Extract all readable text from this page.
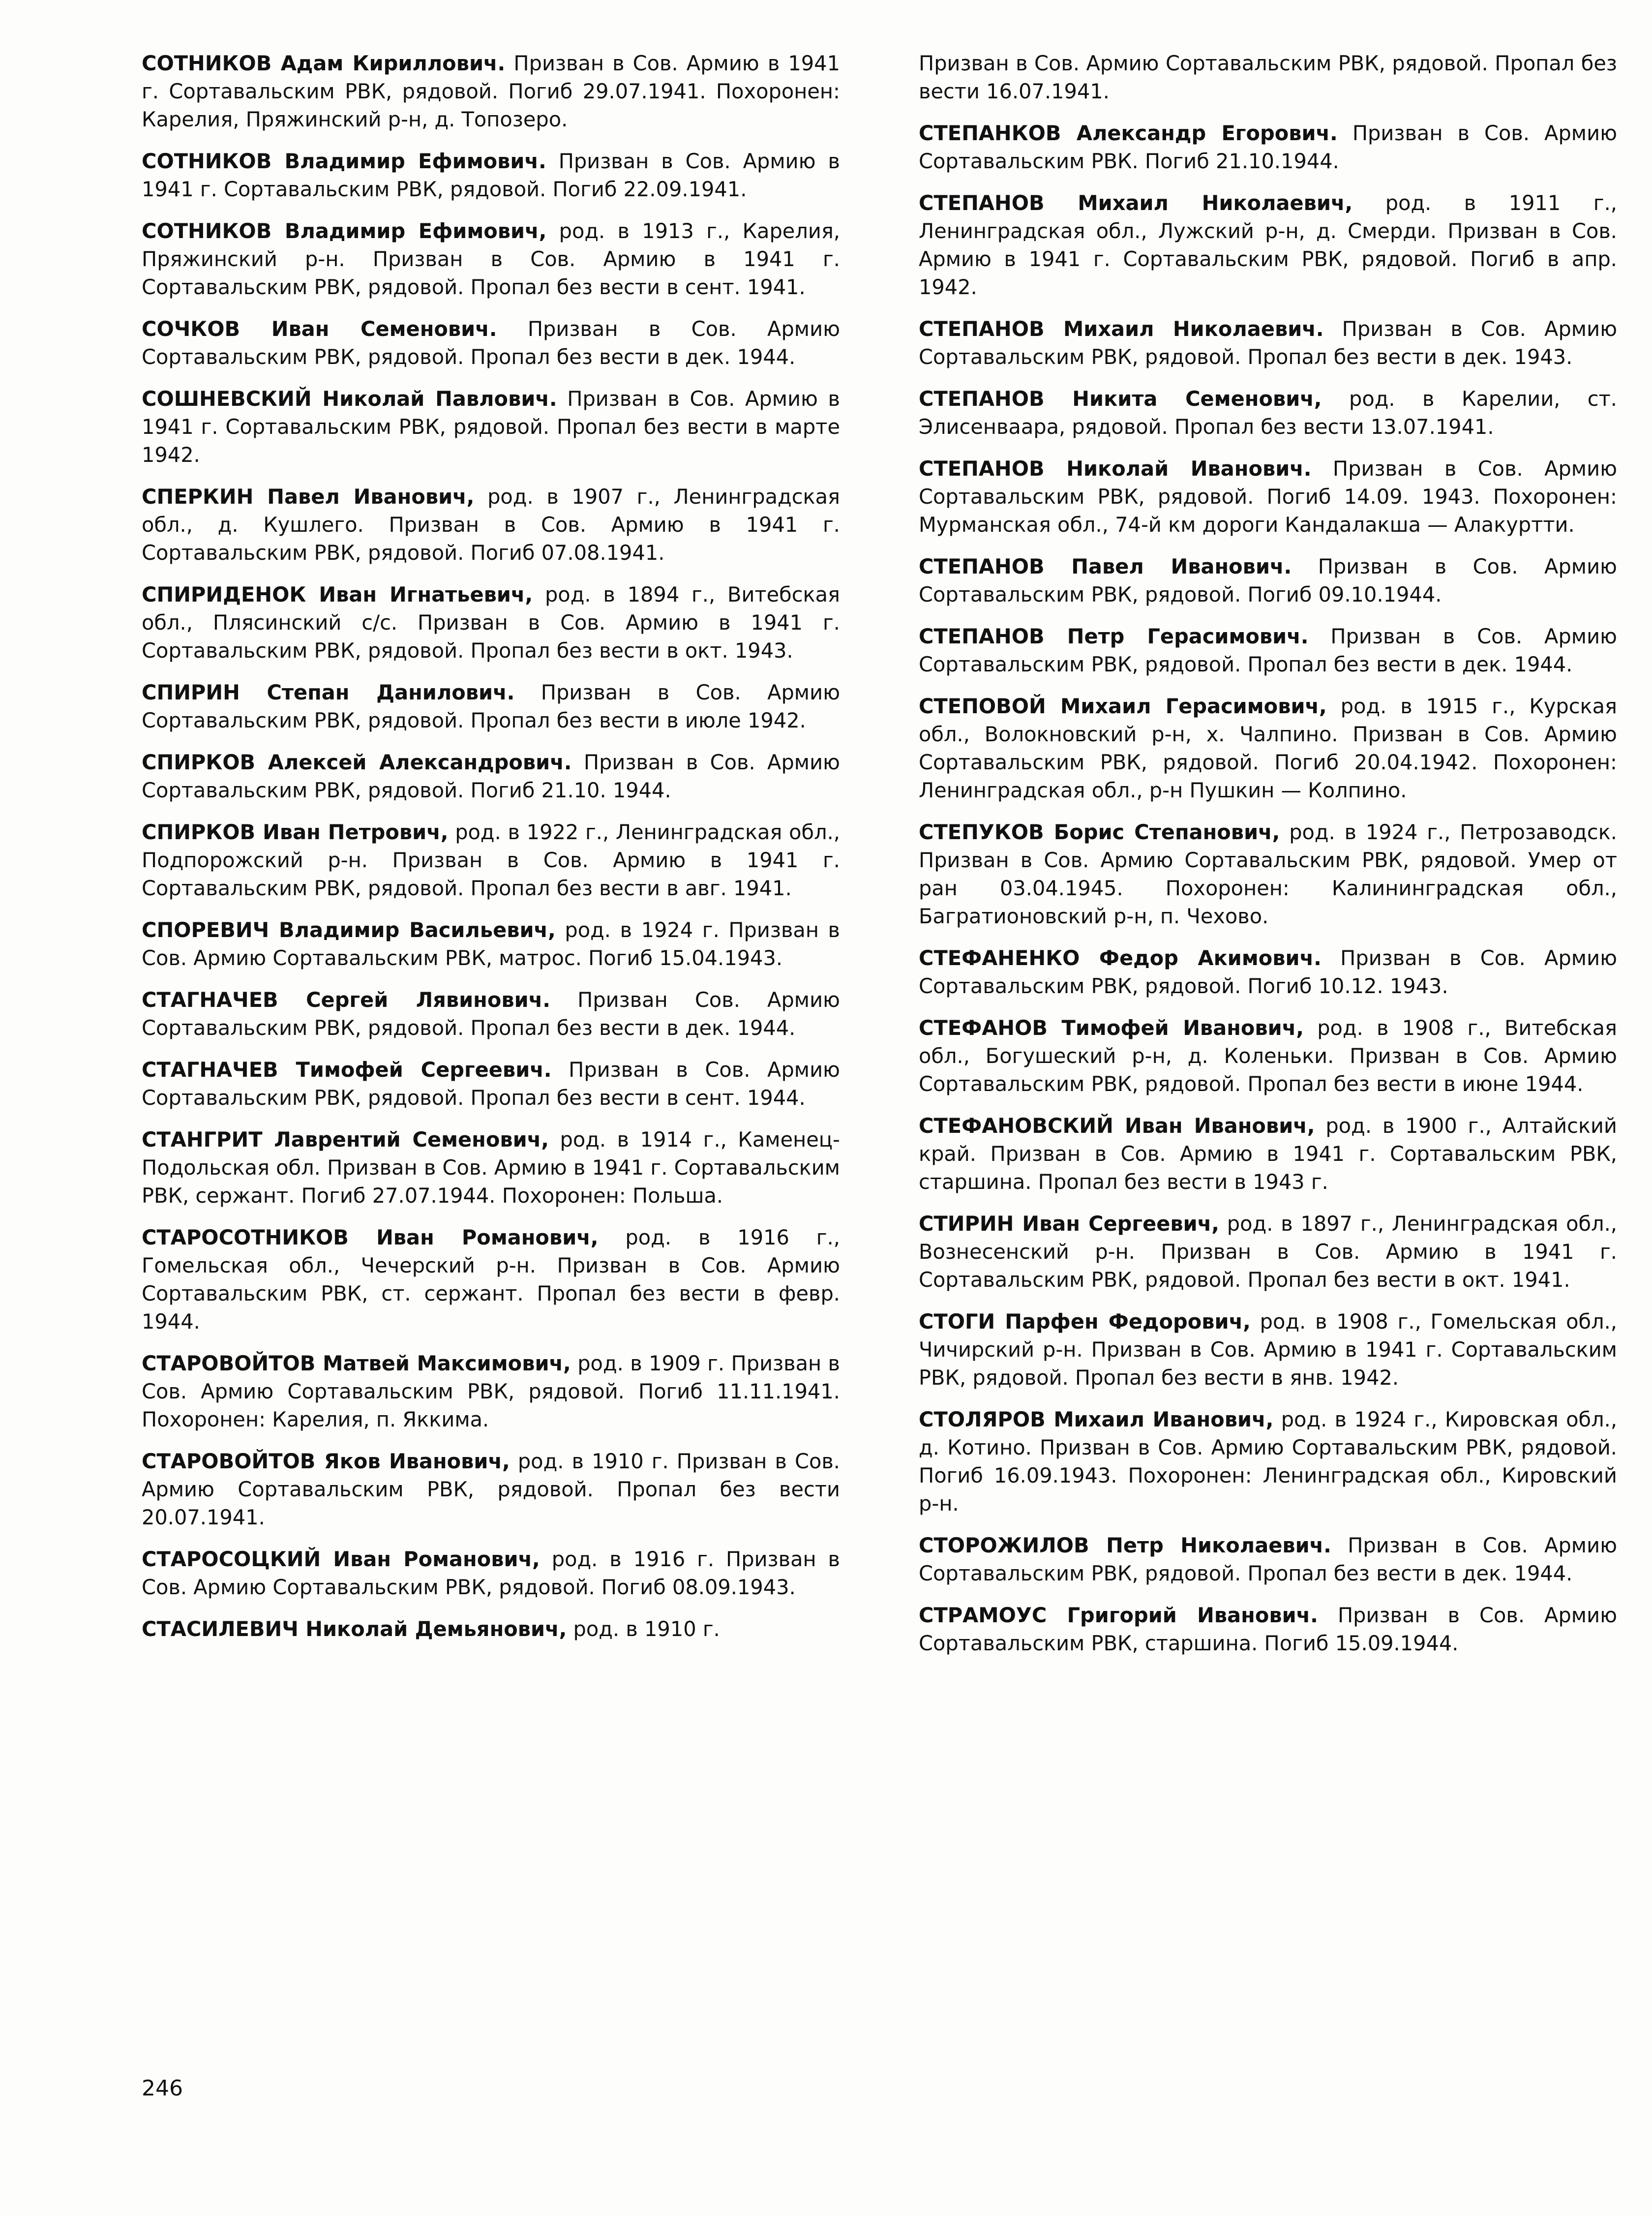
СОТНИКОВ Адам Кириллович. Призван в Сов. Армию в 1941 г. Сортавальским РВК, рядовой. Погиб 29.07.1941. Похоронен: Карелия, Пряжинский р-н, д. Топозеро.

СОТНИКОВ Владимир Ефимович. Призван в Сов. Армию в 1941 г. Сортавальским РВК, рядовой. Погиб 22.09.1941.

СОТНИКОВ Владимир Ефимович, род. в 1913 г., Карелия, Пряжинский р-н. Призван в Сов. Армию в 1941 г. Сортавальским РВК, рядовой. Пропал без вести в сент. 1941.

СОЧКОВ Иван Семенович. Призван в Сов. Армию Сортавальским РВК, рядовой. Пропал без вести в дек. 1944.

СОШНЕВСКИЙ Николай Павлович. Призван в Сов. Армию в 1941 г. Сортавальским РВК, рядовой. Пропал без вести в марте 1942.

СПЕРКИН Павел Иванович, род. в 1907 г., Ленинградская обл., д. Кушлего. Призван в Сов. Армию в 1941 г. Сортавальским РВК, рядовой. Погиб 07.08.1941.

СПИРИДЕНОК Иван Игнатьевич, род. в 1894 г., Витебская обл., Плясинский с/с. Призван в Сов. Армию в 1941 г. Сортавальским РВК, рядовой. Пропал без вести в окт. 1943.

СПИРИН Степан Данилович. Призван в Сов. Армию Сортавальским РВК, рядовой. Пропал без вести в июле 1942.

СПИРКОВ Алексей Александрович. Призван в Сов. Армию Сортавальским РВК, рядовой. Погиб 21.10. 1944.

СПИРКОВ Иван Петрович, род. в 1922 г., Ленинградская обл., Подпорожский р-н. Призван в Сов. Армию в 1941 г. Сортавальским РВК, рядовой. Пропал без вести в авг. 1941.

СПОРЕВИЧ Владимир Васильевич, род. в 1924 г. Призван в Сов. Армию Сортавальским РВК, матрос. Погиб 15.04.1943.

СТАГНАЧЕВ Сергей Лявинович. Призван Сов. Армию Сортавальским РВК, рядовой. Пропал без вести в дек. 1944.

СТАГНАЧЕВ Тимофей Сергеевич. Призван в Сов. Армию Сортавальским РВК, рядовой. Пропал без вести в сент. 1944.

СТАНГРИТ Лаврентий Семенович, род. в 1914 г., Каменец-Подольская обл. Призван в Сов. Армию в 1941 г. Сортавальским РВК, сержант. Погиб 27.07.1944. Похоронен: Польша.

СТАРОСОТНИКОВ Иван Романович, род. в 1916 г., Гомельская обл., Чечерский р-н. Призван в Сов. Армию Сортавальским РВК, ст. сержант. Пропал без вести в февр. 1944.

СТАРОВОЙТОВ Матвей Максимович, род. в 1909 г. Призван в Сов. Армию Сортавальским РВК, рядовой. Погиб 11.11.1941. Похоронен: Карелия, п. Яккима.

СТАРОВОЙТОВ Яков Иванович, род. в 1910 г. Призван в Сов. Армию Сортавальским РВК, рядовой. Пропал без вести 20.07.1941.

СТАРОСОЦКИЙ Иван Романович, род. в 1916 г. Призван в Сов. Армию Сортавальским РВК, рядовой. Погиб 08.09.1943.

СТАСИЛЕВИЧ Николай Демьянович, род. в 1910 г.

Призван в Сов. Армию Сортавальским РВК, рядовой. Пропал без вести 16.07.1941.

СТЕПАНКОВ Александр Егорович. Призван в Сов. Армию Сортавальским РВК. Погиб 21.10.1944.

СТЕПАНОВ Михаил Николаевич, род. в 1911 г., Ленинградская обл., Лужский р-н, д. Смерди. Призван в Сов. Армию в 1941 г. Сортавальским РВК, рядовой. Погиб в апр. 1942.

СТЕПАНОВ Михаил Николаевич. Призван в Сов. Армию Сортавальским РВК, рядовой. Пропал без вести в дек. 1943.

СТЕПАНОВ Никита Семенович, род. в Карелии, ст. Элисенваара, рядовой. Пропал без вести 13.07.1941.

СТЕПАНОВ Николай Иванович. Призван в Сов. Армию Сортавальским РВК, рядовой. Погиб 14.09. 1943. Похоронен: Мурманская обл., 74-й км дороги Кандалакша — Алакуртти.

СТЕПАНОВ Павел Иванович. Призван в Сов. Армию Сортавальским РВК, рядовой. Погиб 09.10.1944.

СТЕПАНОВ Петр Герасимович. Призван в Сов. Армию Сортавальским РВК, рядовой. Пропал без вести в дек. 1944.

СТЕПОВОЙ Михаил Герасимович, род. в 1915 г., Курская обл., Волокновский р-н, х. Чалпино. Призван в Сов. Армию Сортавальским РВК, рядовой. Погиб 20.04.1942. Похоронен: Ленинградская обл., р-н Пушкин — Колпино.

СТЕПУКОВ Борис Степанович, род. в 1924 г., Петрозаводск. Призван в Сов. Армию Сортавальским РВК, рядовой. Умер от ран 03.04.1945. Похоронен: Калининградская обл., Багратионовский р-н, п. Чехово.

СТЕФАНЕНКО Федор Акимович. Призван в Сов. Армию Сортавальским РВК, рядовой. Погиб 10.12. 1943.

СТЕФАНОВ Тимофей Иванович, род. в 1908 г., Витебская обл., Богушеский р-н, д. Коленьки. Призван в Сов. Армию Сортавальским РВК, рядовой. Пропал без вести в июне 1944.

СТЕФАНОВСКИЙ Иван Иванович, род. в 1900 г., Алтайский край. Призван в Сов. Армию в 1941 г. Сортавальским РВК, старшина. Пропал без вести в 1943 г.

СТИРИН Иван Сергеевич, род. в 1897 г., Ленинградская обл., Вознесенский р-н. Призван в Сов. Армию в 1941 г. Сортавальским РВК, рядовой. Пропал без вести в окт. 1941.

СТОГИ Парфен Федорович, род. в 1908 г., Гомельская обл., Чичирский р-н. Призван в Сов. Армию в 1941 г. Сортавальским РВК, рядовой. Пропал без вести в янв. 1942.

СТОЛЯРОВ Михаил Иванович, род. в 1924 г., Кировская обл., д. Котино. Призван в Сов. Армию Сортавальским РВК, рядовой. Погиб 16.09.1943. Похоронен: Ленинградская обл., Кировский р-н.

СТОРОЖИЛОВ Петр Николаевич. Призван в Сов. Армию Сортавальским РВК, рядовой. Пропал без вести в дек. 1944.

СТРАМОУС Григорий Иванович. Призван в Сов. Армию Сортавальским РВК, старшина. Погиб 15.09.1944.

246
